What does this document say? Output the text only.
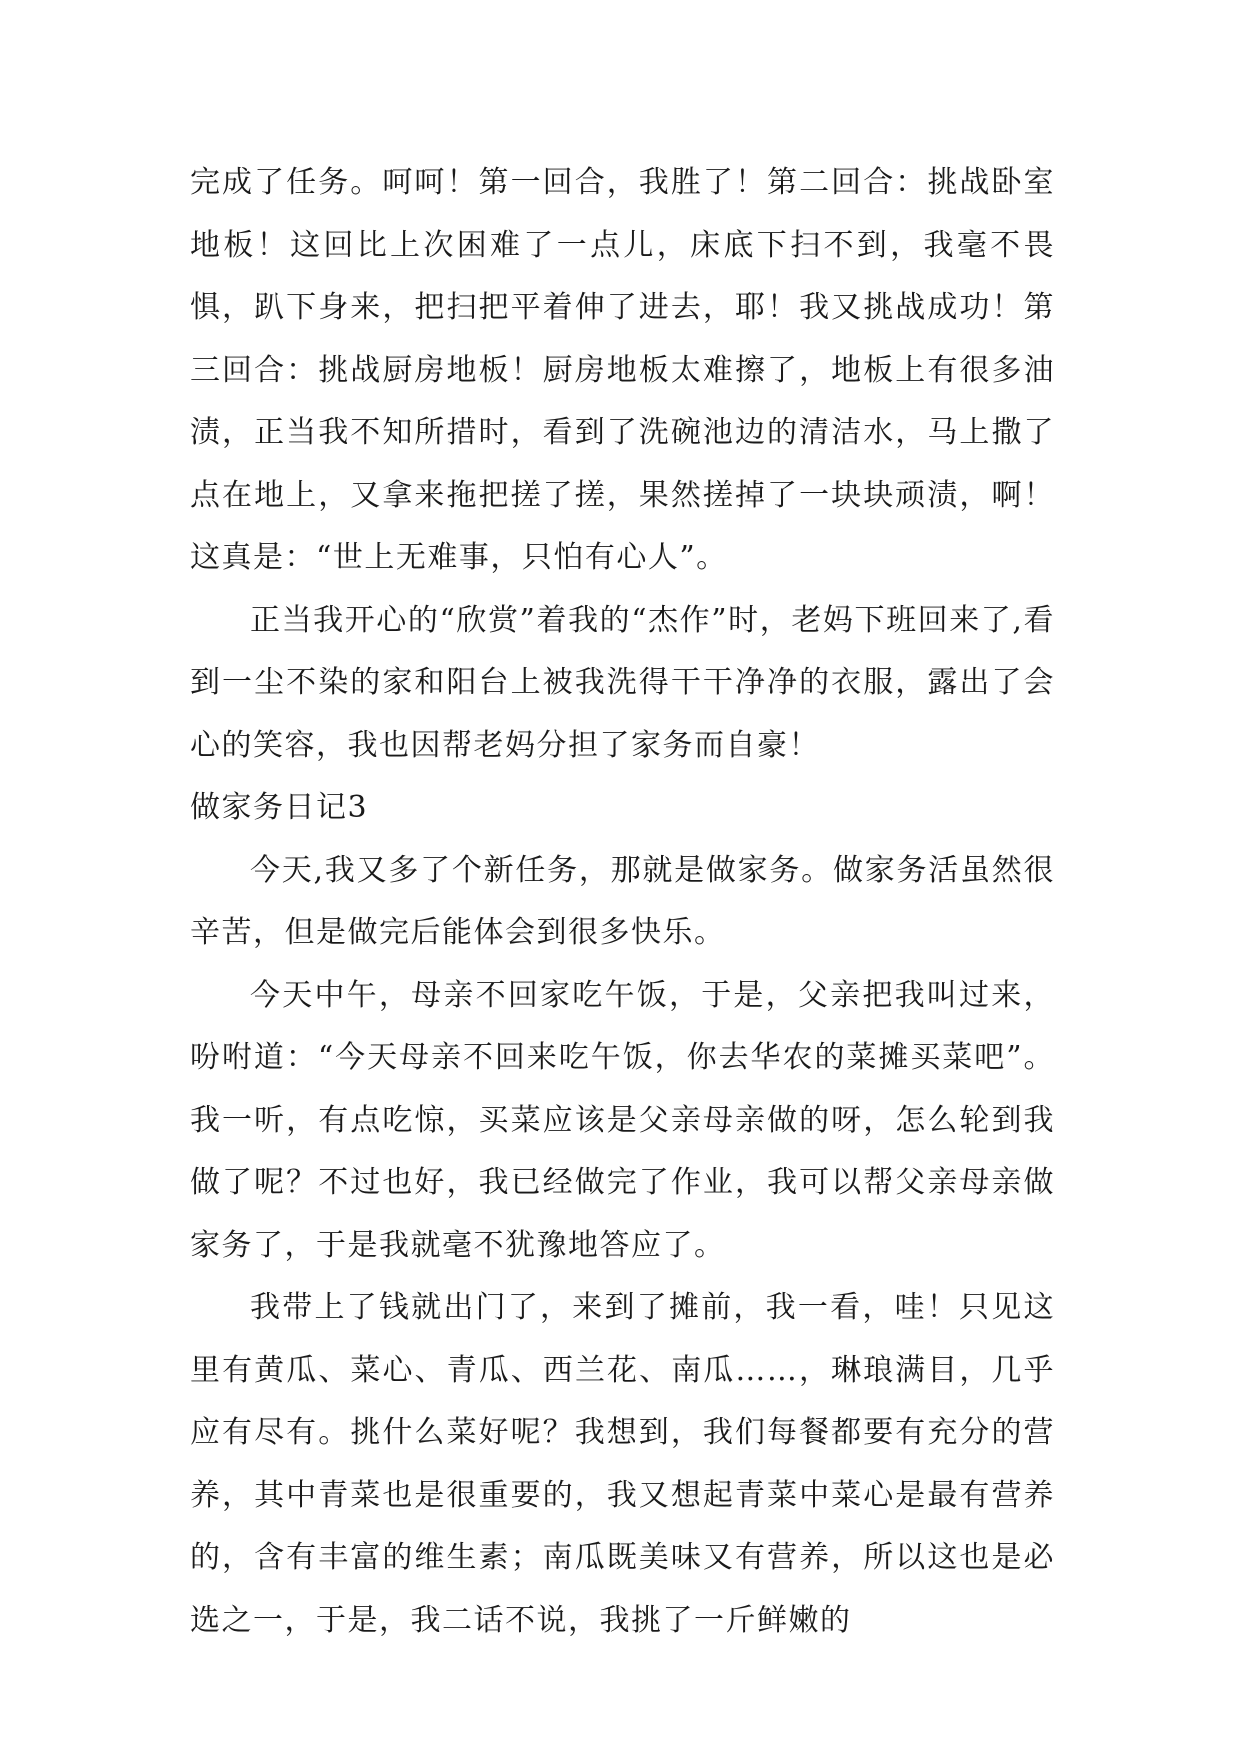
完成了任务。呵呵！第一回合，我胜了！第二回合：挑战卧室地板！这回比上次困难了一点儿，床底下扫不到，我毫不畏惧，趴下身来，把扫把平着伸了进去，耶！我又挑战成功！第三回合：挑战厨房地板！厨房地板太难擦了，地板上有很多油渍，正当我不知所措时，看到了洗碗池边的清洁水，马上撒了点在地上，又拿来拖把搓了搓，果然搓掉了一块块顽渍，啊！这真是：“世上无难事，只怕有心人”。

正当我开心的“欣赏”着我的“杰作”时，老妈下班回来了,看到一尘不染的家和阳台上被我洗得干干净净的衣服，露出了会心的笑容，我也因帮老妈分担了家务而自豪！

做家务日记3

今天,我又多了个新任务，那就是做家务。做家务活虽然很辛苦，但是做完后能体会到很多快乐。

今天中午，母亲不回家吃午饭，于是，父亲把我叫过来，吩咐道：“今天母亲不回来吃午饭，你去华农的菜摊买菜吧”。我一听，有点吃惊，买菜应该是父亲母亲做的呀，怎么轮到我做了呢？不过也好，我已经做完了作业，我可以帮父亲母亲做家务了，于是我就毫不犹豫地答应了。

我带上了钱就出门了，来到了摊前，我一看，哇！只见这里有黄瓜、菜心、青瓜、西兰花、南瓜……，琳琅满目，几乎应有尽有。挑什么菜好呢？我想到，我们每餐都要有充分的营养，其中青菜也是很重要的，我又想起青菜中菜心是最有营养的，含有丰富的维生素；南瓜既美味又有营养，所以这也是必选之一，于是，我二话不说，我挑了一斤鲜嫩的
